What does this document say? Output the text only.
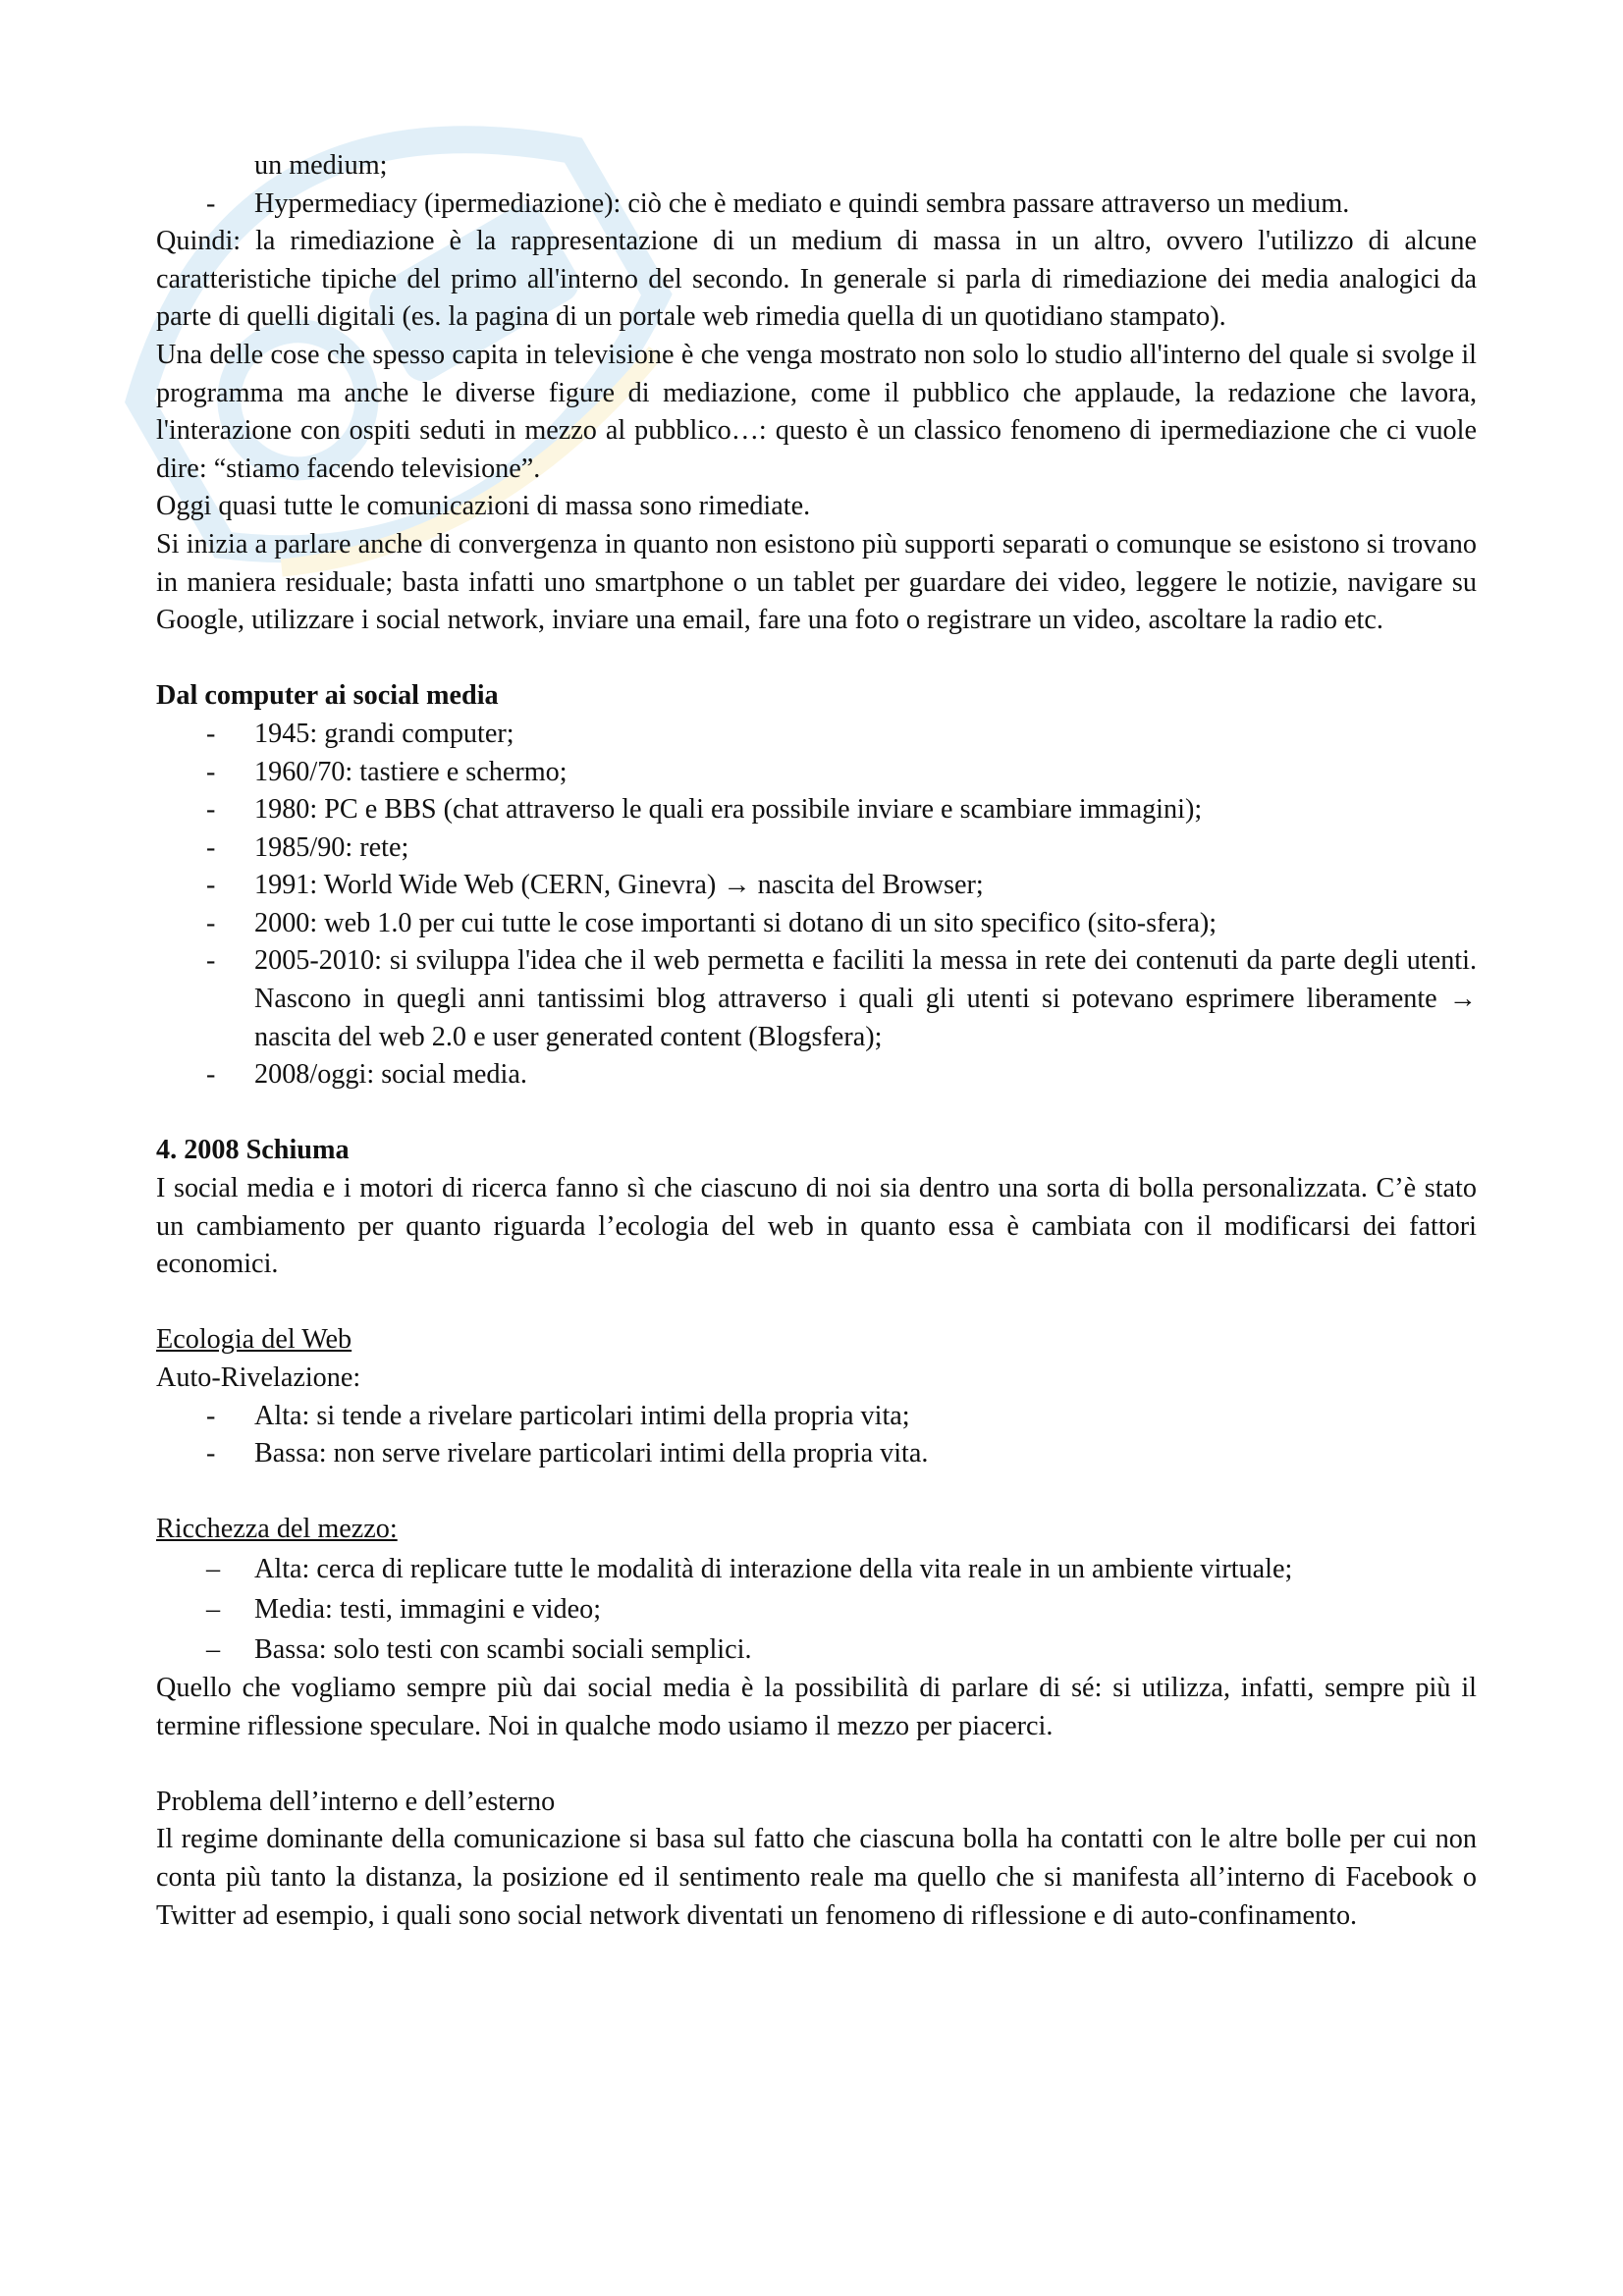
un medium;

- Hypermediacy (ipermediazione): ciò che è mediato e quindi sembra passare attraverso un medium.

Quindi: la rimediazione è la rappresentazione di un medium di massa in un altro, ovvero l'utilizzo di alcune caratteristiche tipiche del primo all'interno del secondo. In generale si parla di rimediazione dei media analogici da parte di quelli digitali (es. la pagina di un portale web rimedia quella di un quotidiano stampato).

Una delle cose che spesso capita in televisione è che venga mostrato non solo lo studio all'interno del quale si svolge il programma ma anche le diverse figure di mediazione, come il pubblico che applaude, la redazione che lavora, l'interazione con ospiti seduti in mezzo al pubblico…: questo è un classico fenomeno di ipermediazione che ci vuole dire: “stiamo facendo televisione”.

Oggi quasi tutte le comunicazioni di massa sono rimediate.

Si inizia a parlare anche di convergenza in quanto non esistono più supporti separati o comunque se esistono si trovano in maniera residuale; basta infatti uno smartphone o un tablet per guardare dei video, leggere le notizie, navigare su Google, utilizzare i social network, inviare una email, fare una foto o registrare un video, ascoltare la radio etc.

Dal computer ai social media

- 1945: grandi computer;
- 1960/70: tastiere e schermo;
- 1980: PC e BBS (chat attraverso le quali era possibile inviare e scambiare immagini);
- 1985/90: rete;
- 1991: World Wide Web (CERN, Ginevra) → nascita del Browser;
- 2000: web 1.0 per cui tutte le cose importanti si dotano di un sito specifico (sito-sfera);
- 2005-2010: si sviluppa l'idea che il web permetta e faciliti la messa in rete dei contenuti da parte degli utenti. Nascono in quegli anni tantissimi blog attraverso i quali gli utenti si potevano esprimere liberamente → nascita del web 2.0 e user generated content (Blogsfera);
- 2008/oggi: social media.

4. 2008 Schiuma

I social media e i motori di ricerca fanno sì che ciascuno di noi sia dentro una sorta di bolla personalizzata. C’è stato un cambiamento per quanto riguarda l’ecologia del web in quanto essa è cambiata con il modificarsi dei fattori economici.

Ecologia del Web

Auto-Rivelazione:

- Alta: si tende a rivelare particolari intimi della propria vita;
- Bassa: non serve rivelare particolari intimi della propria vita.

Ricchezza del mezzo:

– Alta: cerca di replicare tutte le modalità di interazione della vita reale in un ambiente virtuale;
– Media: testi, immagini e video;
– Bassa: solo testi con scambi sociali semplici.

Quello che vogliamo sempre più dai social media è la possibilità di parlare di sé: si utilizza, infatti, sempre più il termine riflessione speculare. Noi in qualche modo usiamo il mezzo per piacerci.

Problema dell’interno e dell’esterno

Il regime dominante della comunicazione si basa sul fatto che ciascuna bolla ha contatti con le altre bolle per cui non conta più tanto la distanza, la posizione ed il sentimento reale ma quello che si manifesta all’interno di Facebook o Twitter ad esempio, i quali sono social network diventati un fenomeno di riflessione e di auto-confinamento.
